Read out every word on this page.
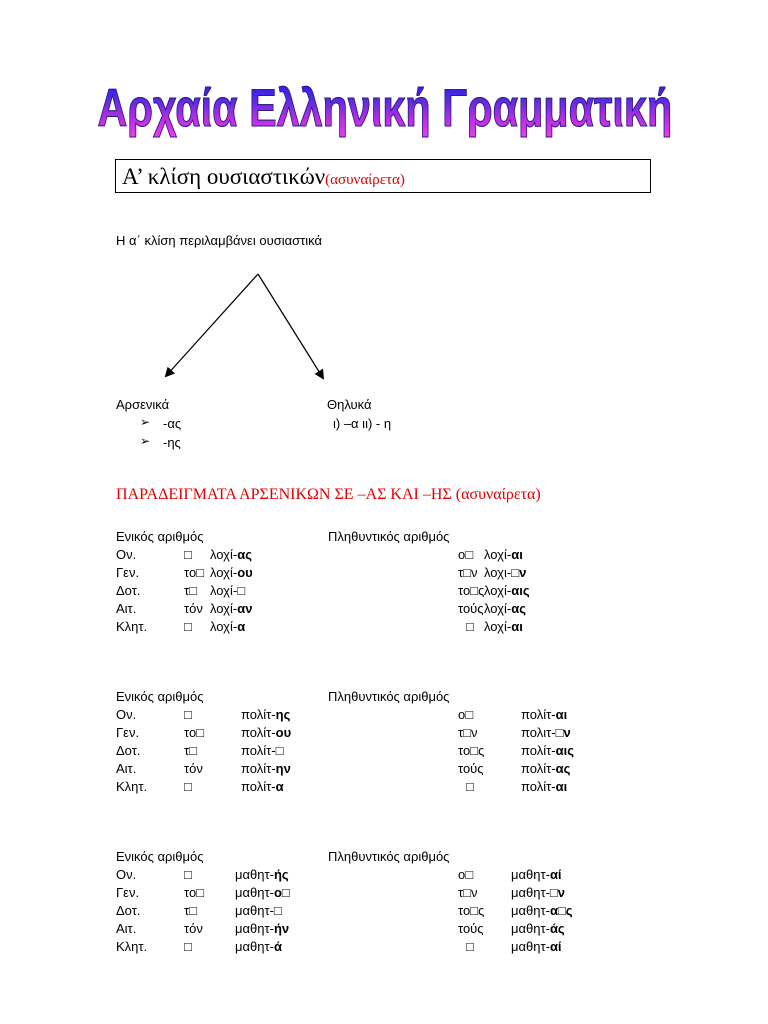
Αρχαία Ελληνική Γραμματική
Α’ κλίση ουσιαστικών(ασυναίρετα)
Η α΄ κλίση περιλαμβάνει ουσιαστικά
Αρσενικά	Θηλυκά
➢ -ας
➢ -ης
ι) –α ιι) - η
ΠΑΡΑΔΕΙΓΜΑΤΑ ΑΡΣΕΝΙΚΩΝ ΣΕ –ΑΣ ΚΑΙ –ΗΣ (ασυναίρετα)
Ενικός αριθμός	Πληθυντικός αριθμός
Ον.	□ λοχί-ας	ο□ λοχί-αι
Γεν.	το□ λοχί-ου	τ□ν λοχι-□ν
Δοτ.	τ□ λοχί-□	το□ς λοχί-αις
Αιτ.	τόν λοχί-αν	τούς λοχί-ας
Κλητ.	□ λοχί-α	□ λοχί-αι
Ενικός αριθμός	Πληθυντικός αριθμός
Ον.	□	πολίτ-ης	ο□	πολίτ-αι
Γεν.	το□	πολίτ-ου	τ□ν	πολιτ-□ν
Δοτ.	τ□	πολίτ-□	το□ς	πολίτ-αις
Αιτ.	τόν	πολίτ-ην	τούς	πολίτ-ας
Κλητ.	□	πολίτ-α	□	πολίτ-αι
Ενικός αριθμός	Πληθυντικός αριθμός
Ον.	□	μαθητ-ής	ο□	μαθητ-αί
Γεν.	το□ μαθητ-ο□	τ□ν	μαθητ-□ν
Δοτ.	τ□	μαθητ-□	το□ς μαθητ-α□ς
Αιτ.	τόν μαθητ-ήν	τούς μαθητ-άς
Κλητ.	□	μαθητ-ά	□	μαθητ-αί
